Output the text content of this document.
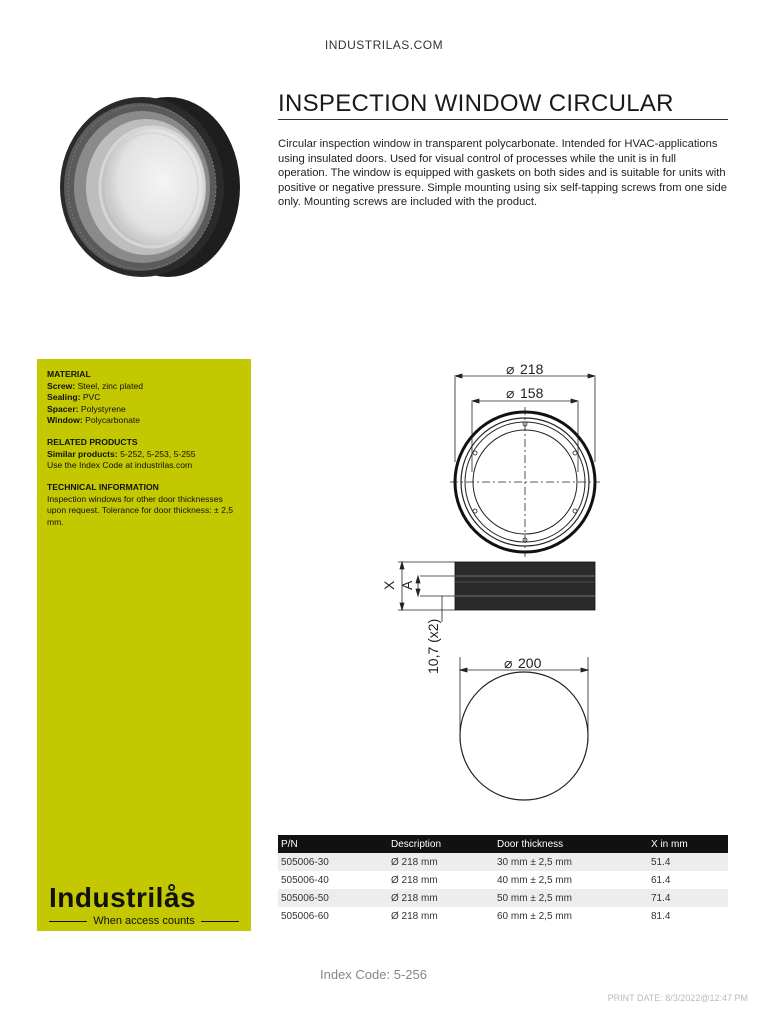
INDUSTRILAS.COM
INSPECTION WINDOW CIRCULAR
Circular inspection window in transparent polycarbonate. Intended for HVAC-applications using insulated doors. Used for visual control of processes while the unit is in full operation. The window is equipped with gaskets on both sides and is suitable for units with positive or negative pressure. Simple mounting using six self-tapping screws from one side only. Mounting screws are included with the product.
MATERIAL
Screw: Steel, zinc plated
Sealing: PVC
Spacer: Polystyrene
Window: Polycarbonate
RELATED PRODUCTS
Similar products: 5-252, 5-253, 5-255
Use the Index Code at industrilas.com
TECHNICAL INFORMATION
Inspection windows for other door thicknesses upon request. Tolerance for door thickness: ± 2,5 mm.
Industrilås
When access counts
⌀ 218
⌀ 158
⌀ 200
X A
10,7 (x2)
P/N	Description	Door thickness	X in mm
505006-30	Ø 218 mm	30 mm ± 2,5 mm	51.4
505006-40	Ø 218 mm	40 mm ± 2,5 mm	61.4
505006-50	Ø 218 mm	50 mm ± 2,5 mm	71.4
505006-60	Ø 218 mm	60 mm ± 2,5 mm	81.4
Index Code: 5-256
PRINT DATE: 8/3/2022@12:47 PM
